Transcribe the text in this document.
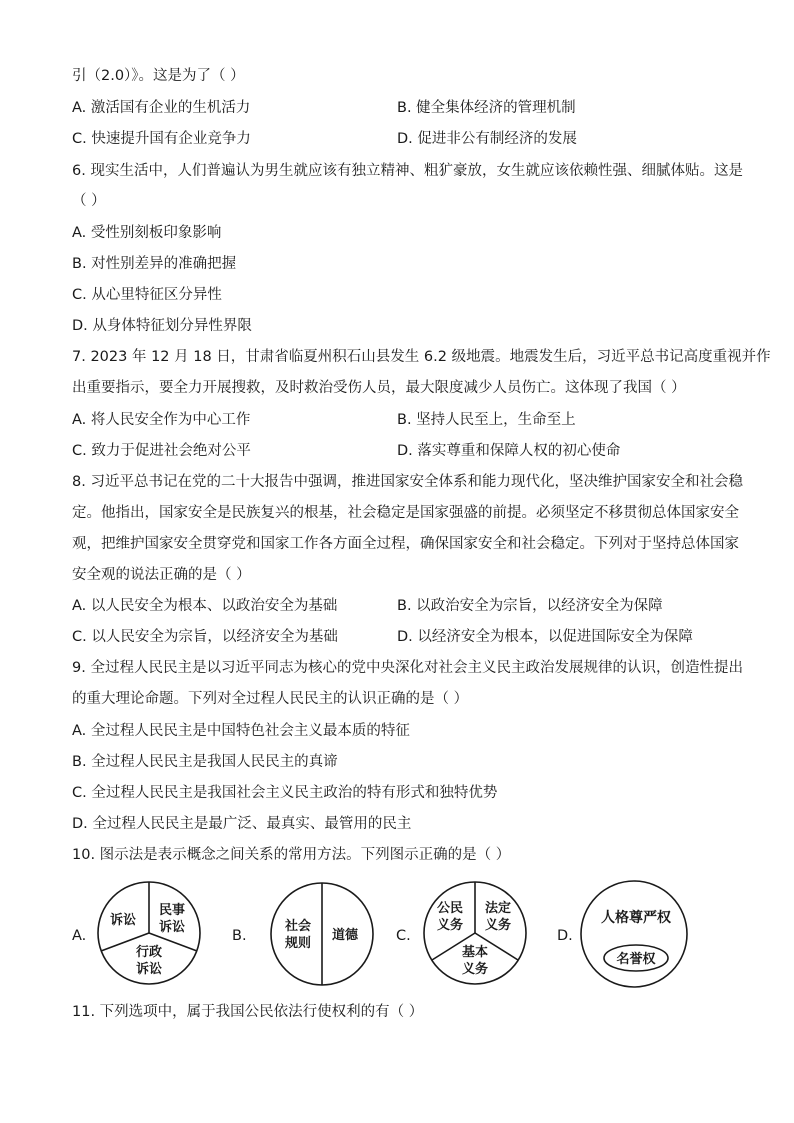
引（2.0）》。这是为了（ ）
A. 激活国有企业的生机活力	B. 健全集体经济的管理机制
C. 快速提升国有企业竞争力	D. 促进非公有制经济的发展
6. 现实生活中，人们普遍认为男生就应该有独立精神、粗犷豪放，女生就应该依赖性强、细腻体贴。这是
（ ）
A. 受性别刻板印象影响
B. 对性别差异的准确把握
C. 从心里特征区分异性
D. 从身体特征划分异性界限
7. 2023 年 12 月 18 日，甘肃省临夏州积石山县发生 6.2 级地震。地震发生后，习近平总书记高度重视并作
出重要指示，要全力开展搜救，及时救治受伤人员，最大限度减少人员伤亡。这体现了我国（ ）
A. 将人民安全作为中心工作	B. 坚持人民至上，生命至上
C. 致力于促进社会绝对公平	D. 落实尊重和保障人权的初心使命
8. 习近平总书记在党的二十大报告中强调，推进国家安全体系和能力现代化，坚决维护国家安全和社会稳
定。他指出，国家安全是民族复兴的根基，社会稳定是国家强盛的前提。必须坚定不移贯彻总体国家安全
观，把维护国家安全贯穿党和国家工作各方面全过程，确保国家安全和社会稳定。下列对于坚持总体国家
安全观的说法正确的是（ ）
A. 以人民安全为根本、以政治安全为基础	B. 以政治安全为宗旨，以经济安全为保障
C. 以人民安全为宗旨，以经济安全为基础	D. 以经济安全为根本，以促进国际安全为保障
9. 全过程人民民主是以习近平同志为核心的党中央深化对社会主义民主政治发展规律的认识，创造性提出
的重大理论命题。下列对全过程人民民主的认识正确的是（ ）
A. 全过程人民民主是中国特色社会主义最本质的特征
B. 全过程人民民主是我国人民民主的真谛
C. 全过程人民民主是我国社会主义民主政治的特有形式和独特优势
D. 全过程人民民主是最广泛、最真实、最管用的民主
10. 图示法是表示概念之间关系的常用方法。下列图示正确的是（ ）
A.	B.	C.	D.
诉讼
民事
诉讼
行政
诉讼
社会
规则
道德
公民
义务
法定
义务
基本
义务
人格尊严权
名誉权
11. 下列选项中，属于我国公民依法行使权利的有（ ）
